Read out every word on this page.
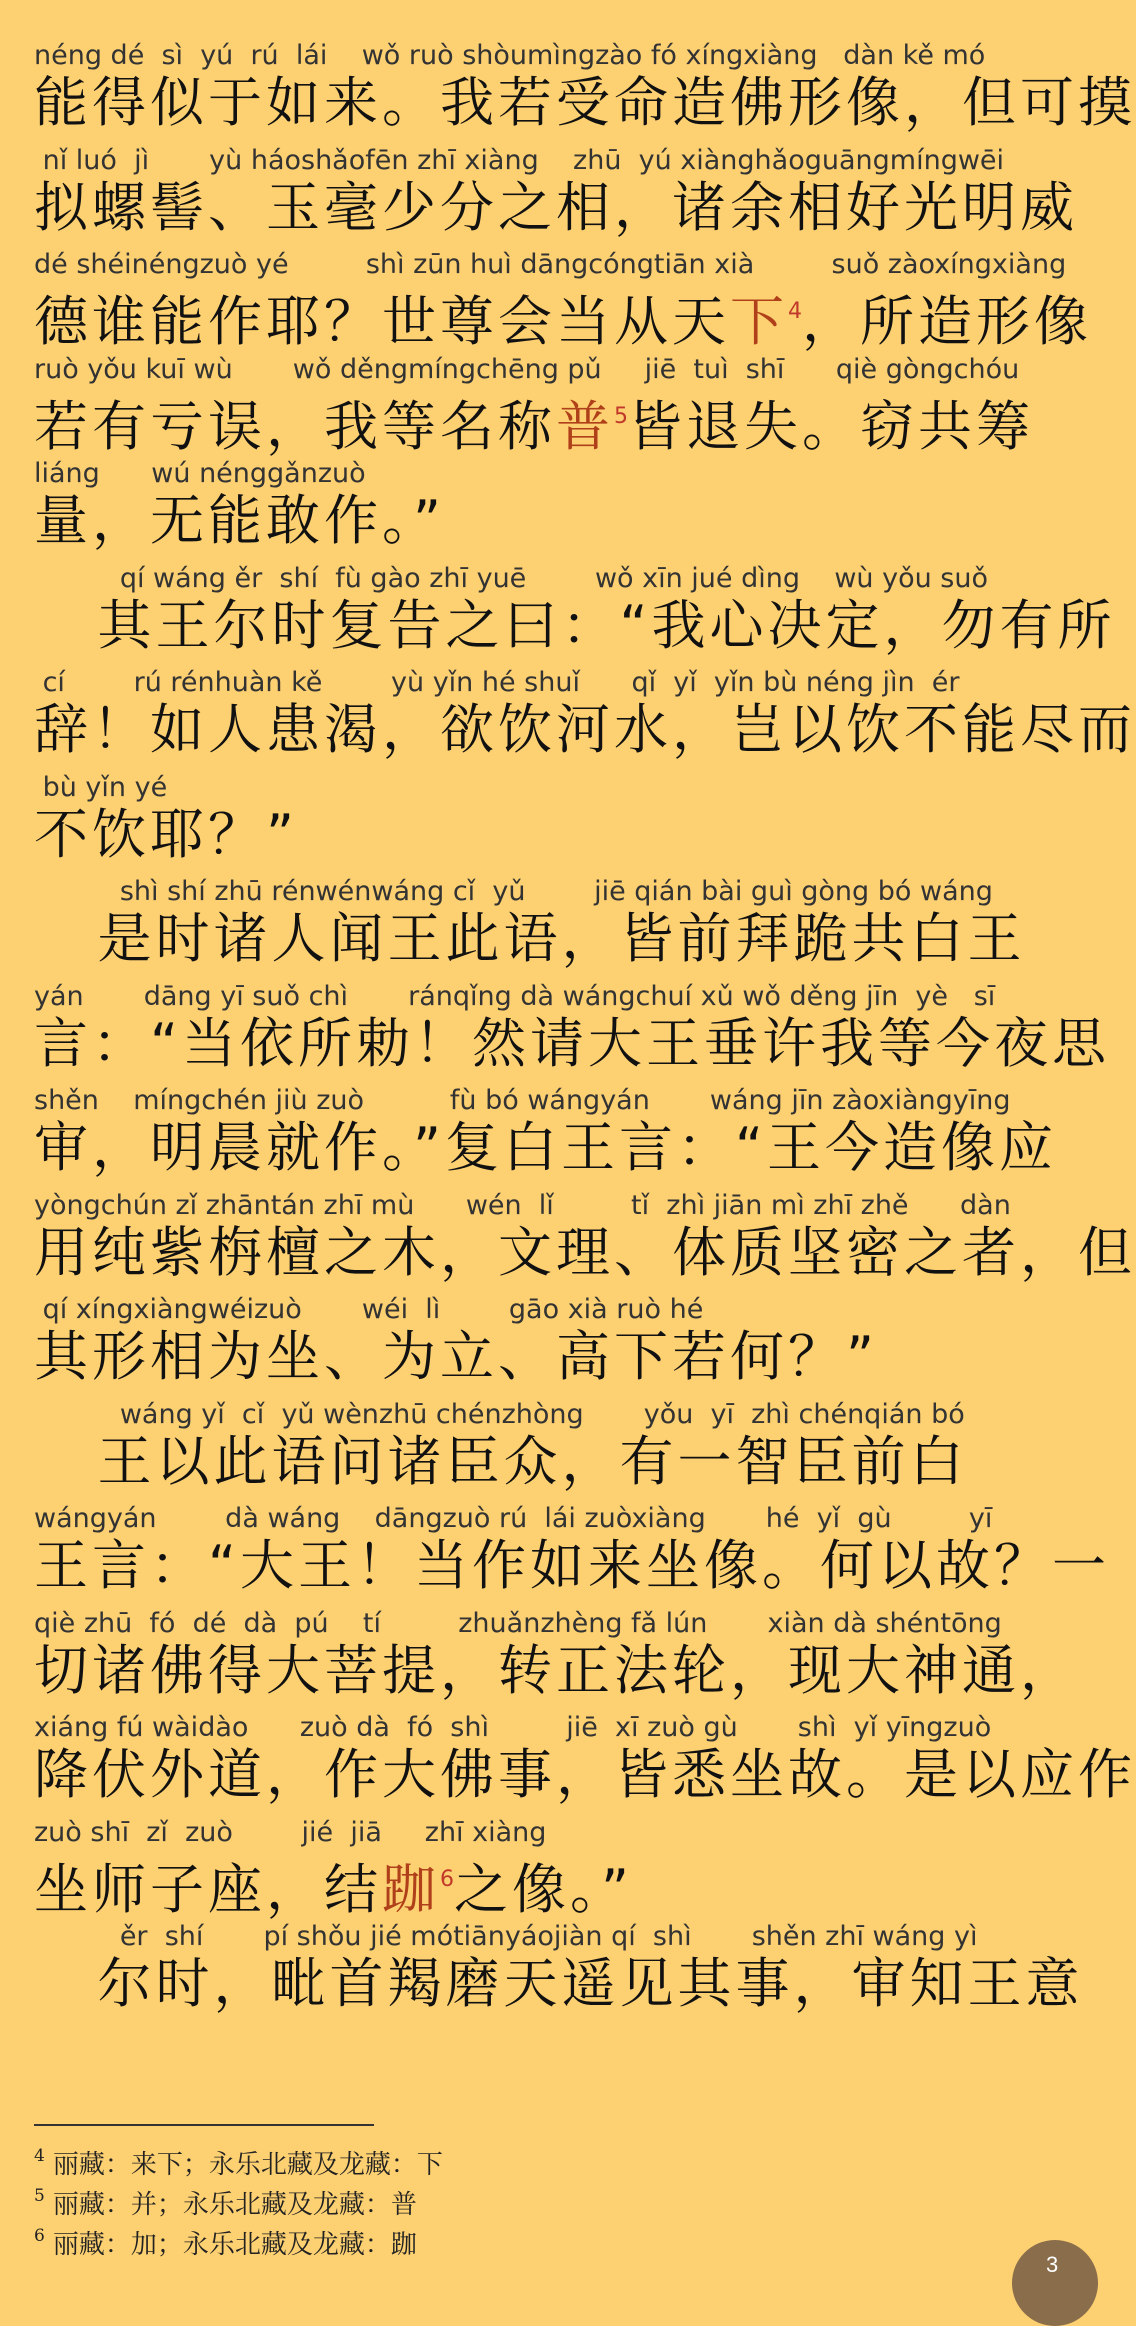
néng dé  sì  yú  rú  lái    wǒ ruò shòumìngzào fó xíngxiàng   dàn kě mó
能得似于如来。我若受命造佛形像，但可摸
nǐ luó  jì       yù háoshǎofēn zhī xiàng    zhū  yú xiànghǎoguāngmíngwēi
拟螺髻、玉毫少分之相，诸余相好光明威
dé shéinéngzuò yé         shì zūn huì dāngcóngtiān xià         suǒ zàoxíngxiàng
德谁能作耶？世尊会当从天下$^4$，所造形像
ruò yǒu kuī wù       wǒ děngmíngchēng pǔ     jiē  tuì  shī      qiè gòngchóu
若有亏误，我等名称普$^5$皆退失。窃共筹
liáng      wú nénggǎnzuò
量，无能敢作。”
qí wáng ěr  shí  fù gào zhī yuē        wǒ xīn jué dìng    wù yǒu suǒ
其王尔时复告之曰：“我心决定，勿有所
cí        rú rénhuàn kě        yù yǐn hé shuǐ      qǐ  yǐ  yǐn bù néng jìn  ér
辞！如人患渴，欲饮河水，岂以饮不能尽而
bù yǐn yé
不饮耶？”
shì shí zhū rénwénwáng cǐ  yǔ        jiē qián bài guì gòng bó wáng
是时诸人闻王此语，皆前拜跪共白王
yán       dāng yī suǒ chì       ránqǐng dà wángchuí xǔ wǒ děng jīn  yè   sī
言：“当依所勅！然请大王垂许我等今夜思
shěn    míngchén jiù zuò          fù bó wángyán       wáng jīn zàoxiàngyīng
审，明晨就作。”复白王言：“王今造像应
yòngchún zǐ zhāntán zhī mù      wén  lǐ         tǐ  zhì jiān mì zhī zhě      dàn
用纯紫栴檀之木，文理、体质坚密之者，但
qí xíngxiàngwéizuò       wéi  lì        gāo xià ruò hé
其形相为坐、为立、高下若何？”
wáng yǐ  cǐ  yǔ wènzhū chénzhòng       yǒu  yī  zhì chénqián bó
王以此语问诸臣众，有一智臣前白
wángyán        dà wáng    dāngzuò rú  lái zuòxiàng       hé  yǐ  gù         yī
王言：“大王！当作如来坐像。何以故？一
qiè zhū  fó  dé  dà  pú    tí         zhuǎnzhèng fǎ lún       xiàn dà shéntōng
切诸佛得大菩提，转正法轮，现大神通，
xiáng fú wàidào      zuò dà  fó  shì         jiē  xī zuò gù       shì  yǐ yīngzuò
降伏外道，作大佛事，皆悉坐故。是以应作
zuò shī  zǐ  zuò        jié  jiā     zhī xiàng
坐师子座，结跏$^6$之像。”
ěr  shí       pí shǒu jié mótiānyáojiàn qí  shì       shěn zhī wáng yì
尔时，毗首羯磨天遥见其事，审知王意
$^4$ 丽藏：来下；永乐北藏及龙藏：下
$^5$ 丽藏：并；永乐北藏及龙藏：普
$^6$ 丽藏：加；永乐北藏及龙藏：跏
3
